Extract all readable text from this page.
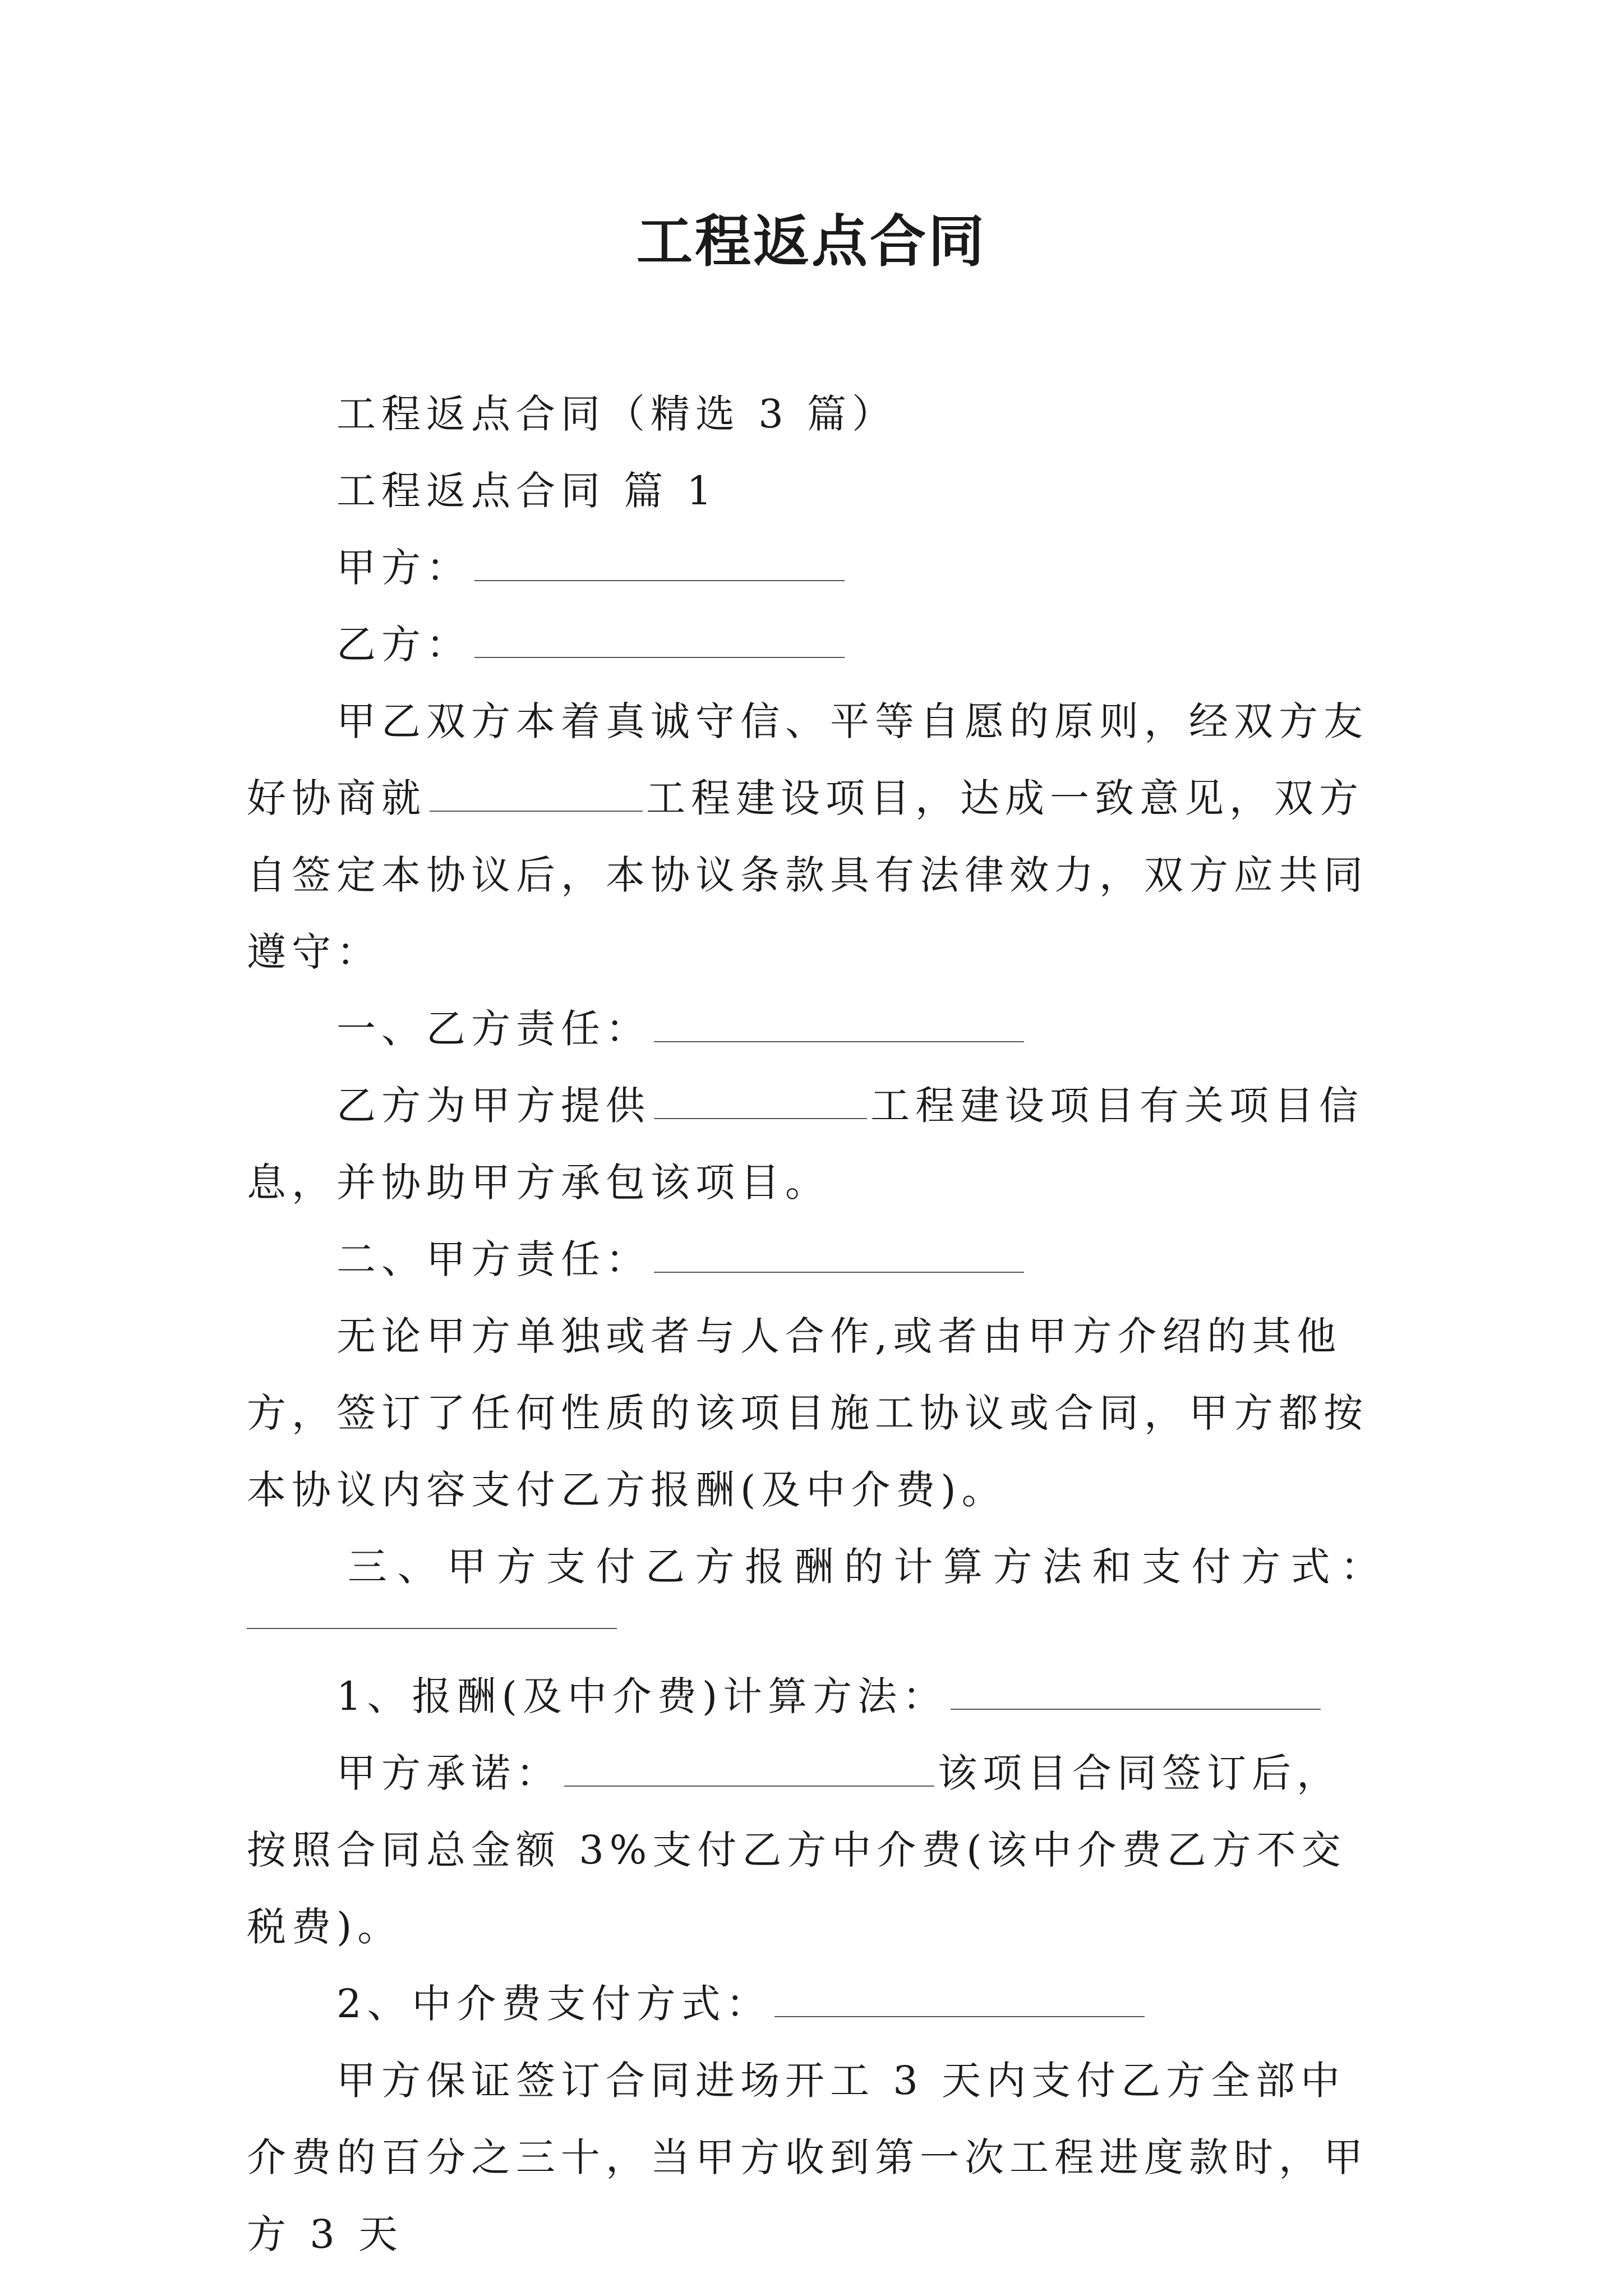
工程返点合同

工程返点合同（精选 3 篇）

工程返点合同 篇 1

甲方：

乙方：

甲乙双方本着真诚守信、平等自愿的原则，经双方友好协商就	工程建设项目，达成一致意见，双方自签定本协议后，本协议条款具有法律效力，双方应共同遵守：

一、乙方责任：

乙方为甲方提供	工程建设项目有关项目信息，并协助甲方承包该项目。

二、甲方责任：

无论甲方单独或者与人合作,或者由甲方介绍的其他方，签订了任何性质的该项目施工协议或合同，甲方都按本协议内容支付乙方报酬(及中介费)。

三、甲方支付乙方报酬的计算方法和支付方式：

1、报酬(及中介费)计算方法：

甲方承诺：	该项目合同签订后，按照合同总金额 3%支付乙方中介费(该中介费乙方不交税费)。

2、中介费支付方式：

甲方保证签订合同进场开工 3 天内支付乙方全部中介费的百分之三十，当甲方收到第一次工程进度款时，甲方 3 天
